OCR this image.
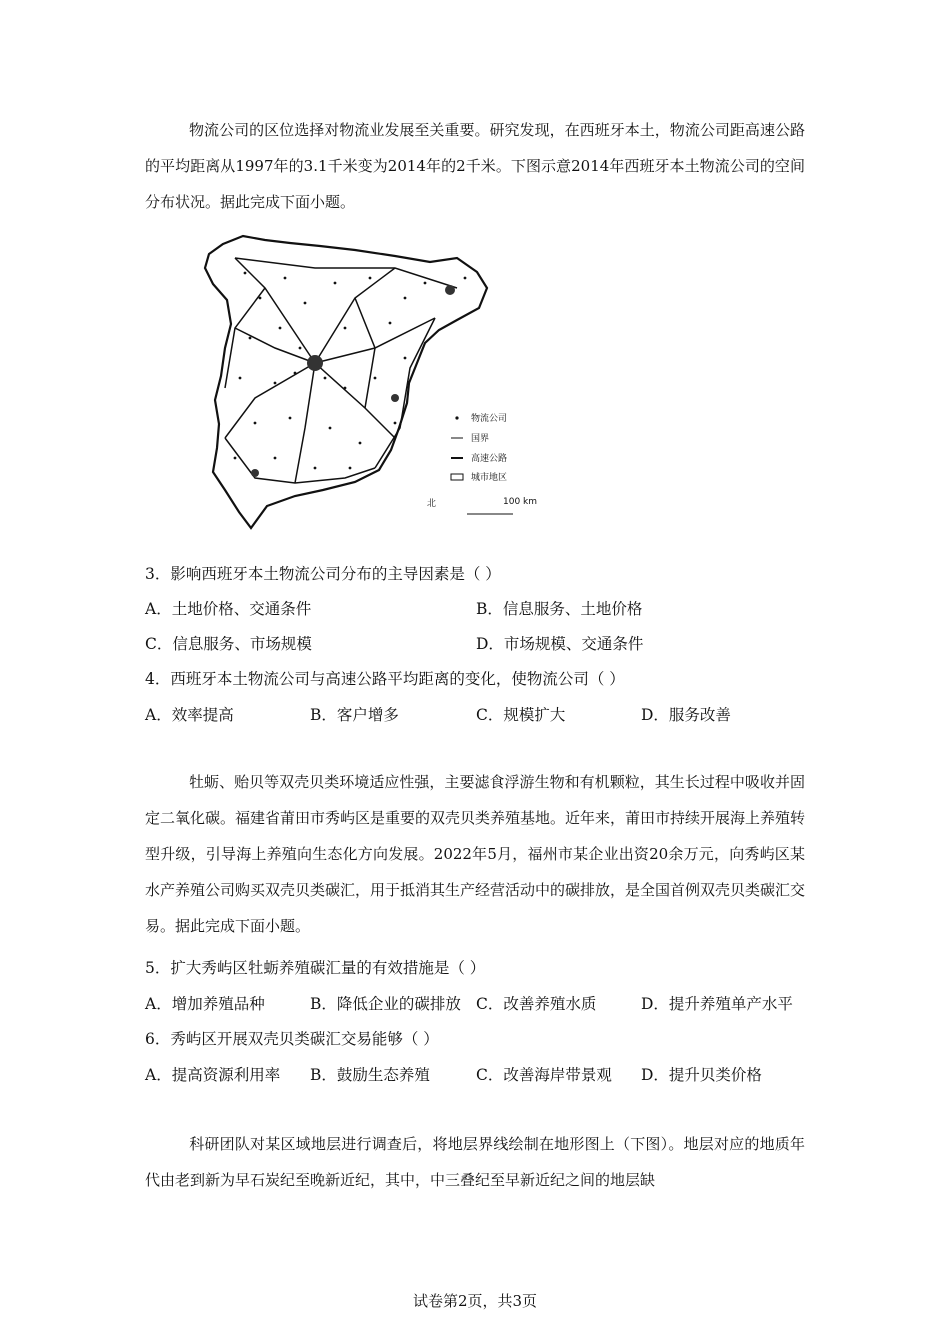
物流公司的区位选择对物流业发展至关重要。研究发现，在西班牙本土，物流公司距高速公路的平均距离从1997年的3.1千米变为2014年的2千米。下图示意2014年西班牙本土物流公司的空间分布状况。据此完成下面小题。

物流公司
国界
高速公路
城市地区
北	100 km
3．影响西班牙本土物流公司分布的主导因素是（ ）
A．土地价格、交通条件	B．信息服务、土地价格
C．信息服务、市场规模	D．市场规模、交通条件
4．西班牙本土物流公司与高速公路平均距离的变化，使物流公司（ ）
A．效率提高	B．客户增多	C．规模扩大	D．服务改善

牡蛎、贻贝等双壳贝类环境适应性强，主要滤食浮游生物和有机颗粒，其生长过程中吸收并固定二氧化碳。福建省莆田市秀屿区是重要的双壳贝类养殖基地。近年来，莆田市持续开展海上养殖转型升级，引导海上养殖向生态化方向发展。2022年5月，福州市某企业出资20余万元，向秀屿区某水产养殖公司购买双壳贝类碳汇，用于抵消其生产经营活动中的碳排放，是全国首例双壳贝类碳汇交易。据此完成下面小题。

5．扩大秀屿区牡蛎养殖碳汇量的有效措施是（ ）
A．增加养殖品种	B．降低企业的碳排放 C．改善养殖水质	D．提升养殖单产水平
6．秀屿区开展双壳贝类碳汇交易能够（ ）
A．提高资源利用率 B．鼓励生态养殖	C．改善海岸带景观 D．提升贝类价格

科研团队对某区域地层进行调查后，将地层界线绘制在地形图上（下图）。地层对应的地质年代由老到新为早石炭纪至晚新近纪，其中，中三叠纪至早新近纪之间的地层缺

试卷第2页，共3页
